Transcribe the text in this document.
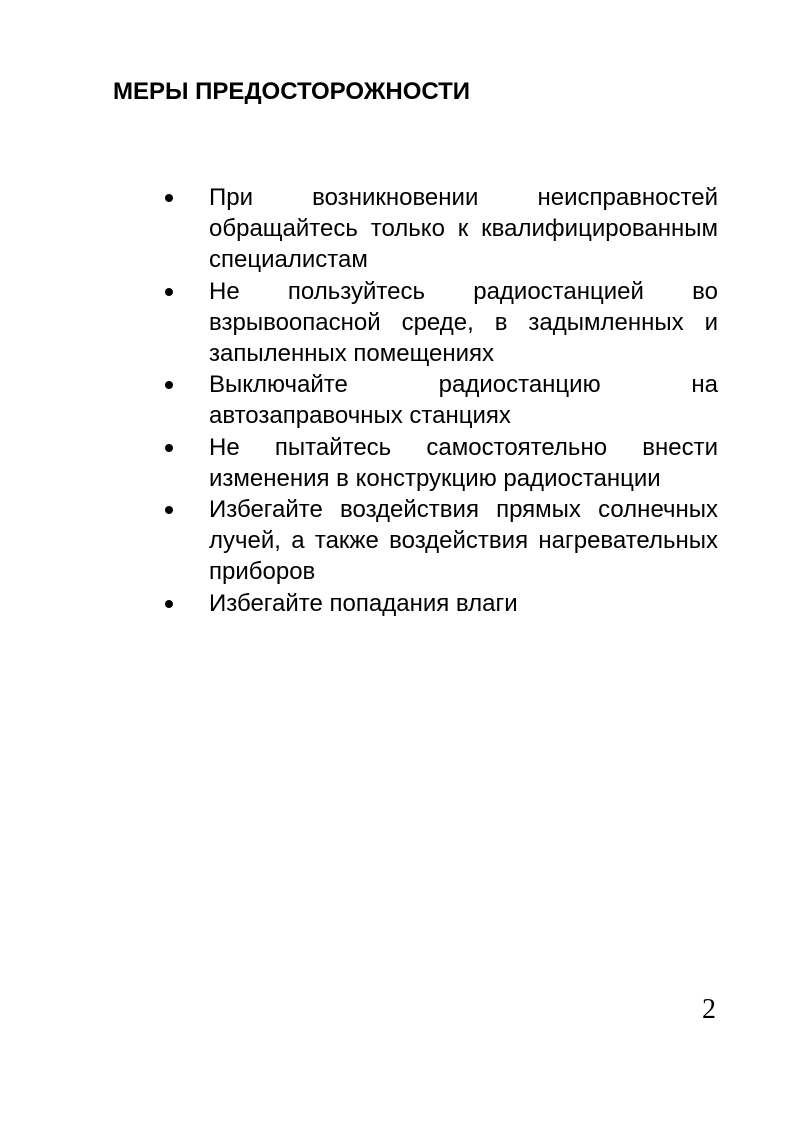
МЕРЫ ПРЕДОСТОРОЖНОСТИ
При возникновении неисправностей обращайтесь только к квалифицированным специалистам
Не пользуйтесь радиостанцией во взрывоопасной среде, в задымленных и запыленных помещениях
Выключайте радиостанцию на автозаправочных станциях
Не пытайтесь самостоятельно внести изменения в конструкцию радиостанции
Избегайте воздействия прямых солнечных лучей, а также воздействия нагревательных приборов
Избегайте попадания влаги
2
